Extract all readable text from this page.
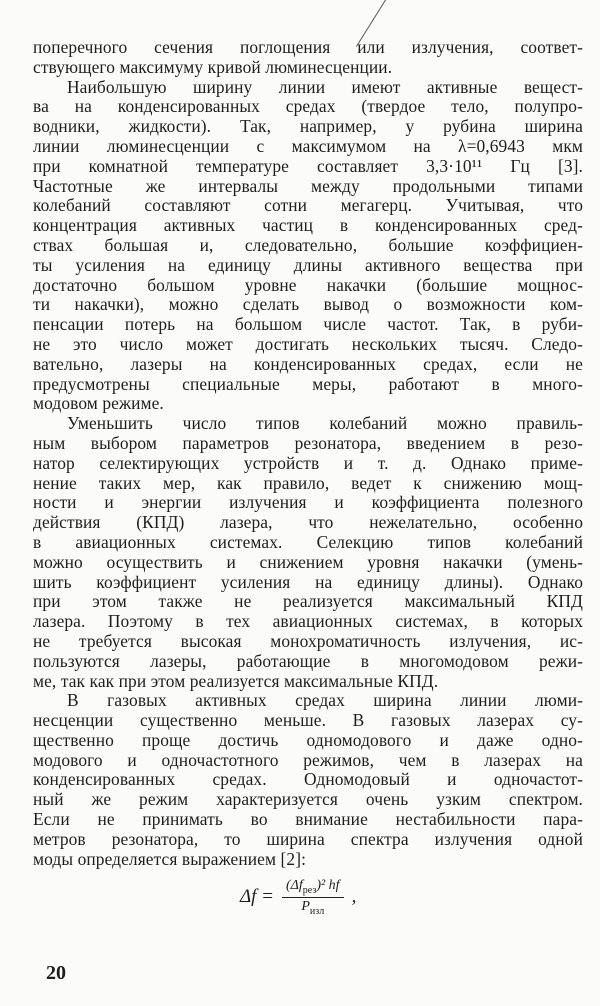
поперечного сечения поглощения или излучения, соответ-
ствующего максимуму кривой люминесценции.
Наибольшую ширину линии имеют активные вещест-
ва на конденсированных средах (твердое тело, полупро-
водники, жидкости). Так, например, у рубина ширина
линии люминесценции с максимумом на λ=0,6943 мкм
при комнатной температуре составляет 3,3·10¹¹ Гц [3].
Частотные же интервалы между продольными типами
колебаний составляют сотни мегагерц. Учитывая, что
концентрация активных частиц в конденсированных сред-
ствах большая и, следовательно, большие коэффициен-
ты усиления на единицу длины активного вещества при
достаточно большом уровне накачки (большие мощнос-
ти накачки), можно сделать вывод о возможности ком-
пенсации потерь на большом числе частот. Так, в руби-
не это число может достигать нескольких тысяч. Следо-
вательно, лазеры на конденсированных средах, если не
предусмотрены специальные меры, работают в много-
модовом режиме.
Уменьшить число типов колебаний можно правиль-
ным выбором параметров резонатора, введением в резо-
натор селектирующих устройств и т. д. Однако приме-
нение таких мер, как правило, ведет к снижению мощ-
ности и энергии излучения и коэффициента полезного
действия (КПД) лазера, что нежелательно, особенно
в авиационных системах. Селекцию типов колебаний
можно осуществить и снижением уровня накачки (умень-
шить коэффициент усиления на единицу длины). Однако
при этом также не реализуется максимальный КПД
лазера. Поэтому в тех авиационных системах, в которых
не требуется высокая монохроматичность излучения, ис-
пользуются лазеры, работающие в многомодовом режи-
ме, так как при этом реализуется максимальные КПД.
В газовых активных средах ширина линии люми-
несценции существенно меньше. В газовых лазерах су-
щественно проще достичь одномодового и даже одно-
модового и одночастотного режимов, чем в лазерах на
конденсированных средах. Одномодовый и одночастот-
ный же режим характеризуется очень узким спектром.
Если не принимать во внимание нестабильности пара-
метров резонатора, то ширина спектра излучения одной
моды определяется выражением [2]:
$\Delta f = \frac{(\Delta f_{рез})^2 hf}{P_{изл}}$ ,
20
